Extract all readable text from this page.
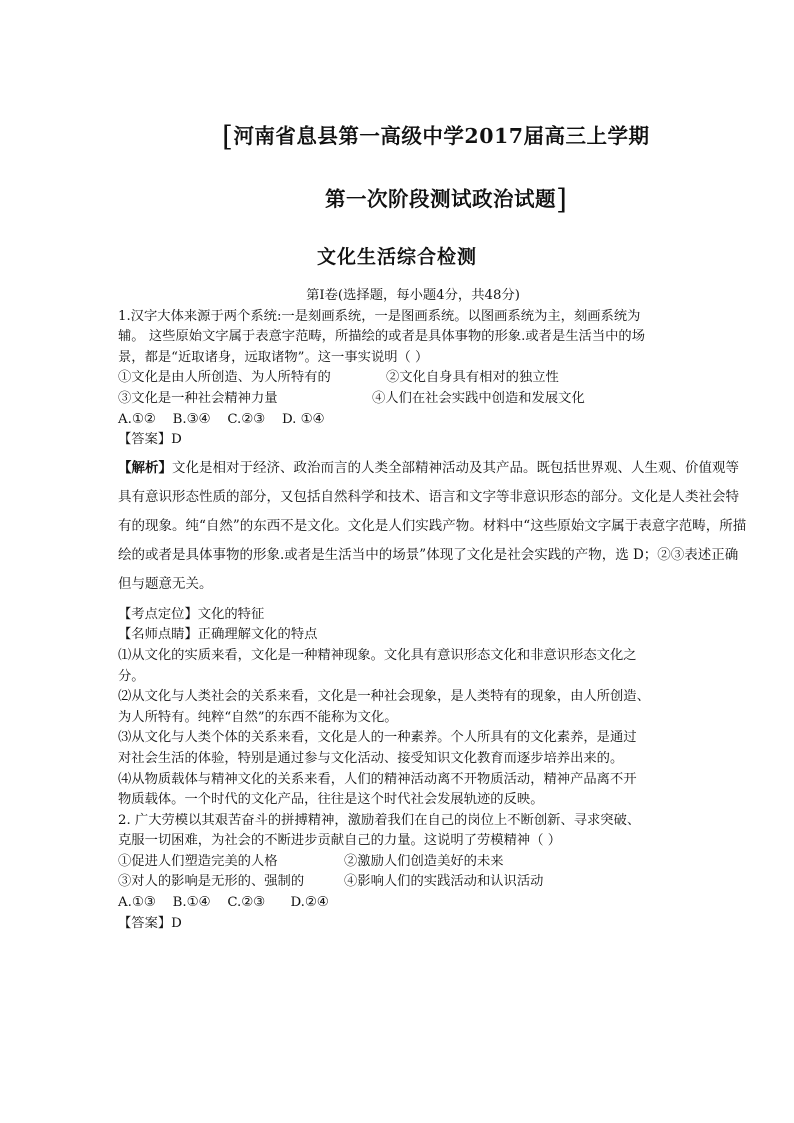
[河南省息县第一高级中学2017届高三上学期
第一次阶段测试政治试题]
文化生活综合检测
第Ⅰ卷(选择题，每小题4分，共48分)
1.汉字大体来源于两个系统:一是刻画系统，一是图画系统。以图画系统为主，刻画系统为
辅。 这些原始文字属于表意字范畴，所描绘的或者是具体事物的形象.或者是生活当中的场
景，都是“近取诸身，远取诸物”。这一事实说明（ ）
①文化是由人所创造、为人所特有的	②文化自身具有相对的独立性
③文化是一种社会精神力量	④人们在社会实践中创造和发展文化
A.①②    B.③④    C.②③    D. ①④
【答案】D

【解析】文化是相对于经济、政治而言的人类全部精神活动及其产品。既包括世界观、人生观、价值观等

具有意识形态性质的部分，又包括自然科学和技术、语言和文字等非意识形态的部分。文化是人类社会特

有的现象。纯“自然”的东西不是文化。文化是人们实践产物。材料中“这些原始文字属于表意字范畴，所描

绘的或者是具体事物的形象.或者是生活当中的场景”体现了文化是社会实践的产物，选 D；②③表述正确

但与题意无关。

【考点定位】文化的特征
【名师点睛】正确理解文化的特点
⑴从文化的实质来看，文化是一种精神现象。文化具有意识形态文化和非意识形态文化之
分。
⑵从文化与人类社会的关系来看，文化是一种社会现象，是人类特有的现象，由人所创造、
为人所特有。纯粹“自然”的东西不能称为文化。
⑶从文化与人类个体的关系来看，文化是人的一种素养。个人所具有的文化素养，是通过
对社会生活的体验，特别是通过参与文化活动、接受知识文化教育而逐步培养出来的。
⑷从物质载体与精神文化的关系来看，人们的精神活动离不开物质活动，精神产品离不开
物质载体。一个时代的文化产品，往往是这个时代社会发展轨迹的反映。
2. 广大劳模以其艰苦奋斗的拼搏精神，激励着我们在自己的岗位上不断创新、寻求突破、
克服一切困难，为社会的不断进步贡献自己的力量。这说明了劳模精神（ ）
①促进人们塑造完美的人格	②激励人们创造美好的未来
③对人的影响是无形的、强制的	④影响人们的实践活动和认识活动
A.①③    B.①④    C.②③      D.②④
【答案】D
